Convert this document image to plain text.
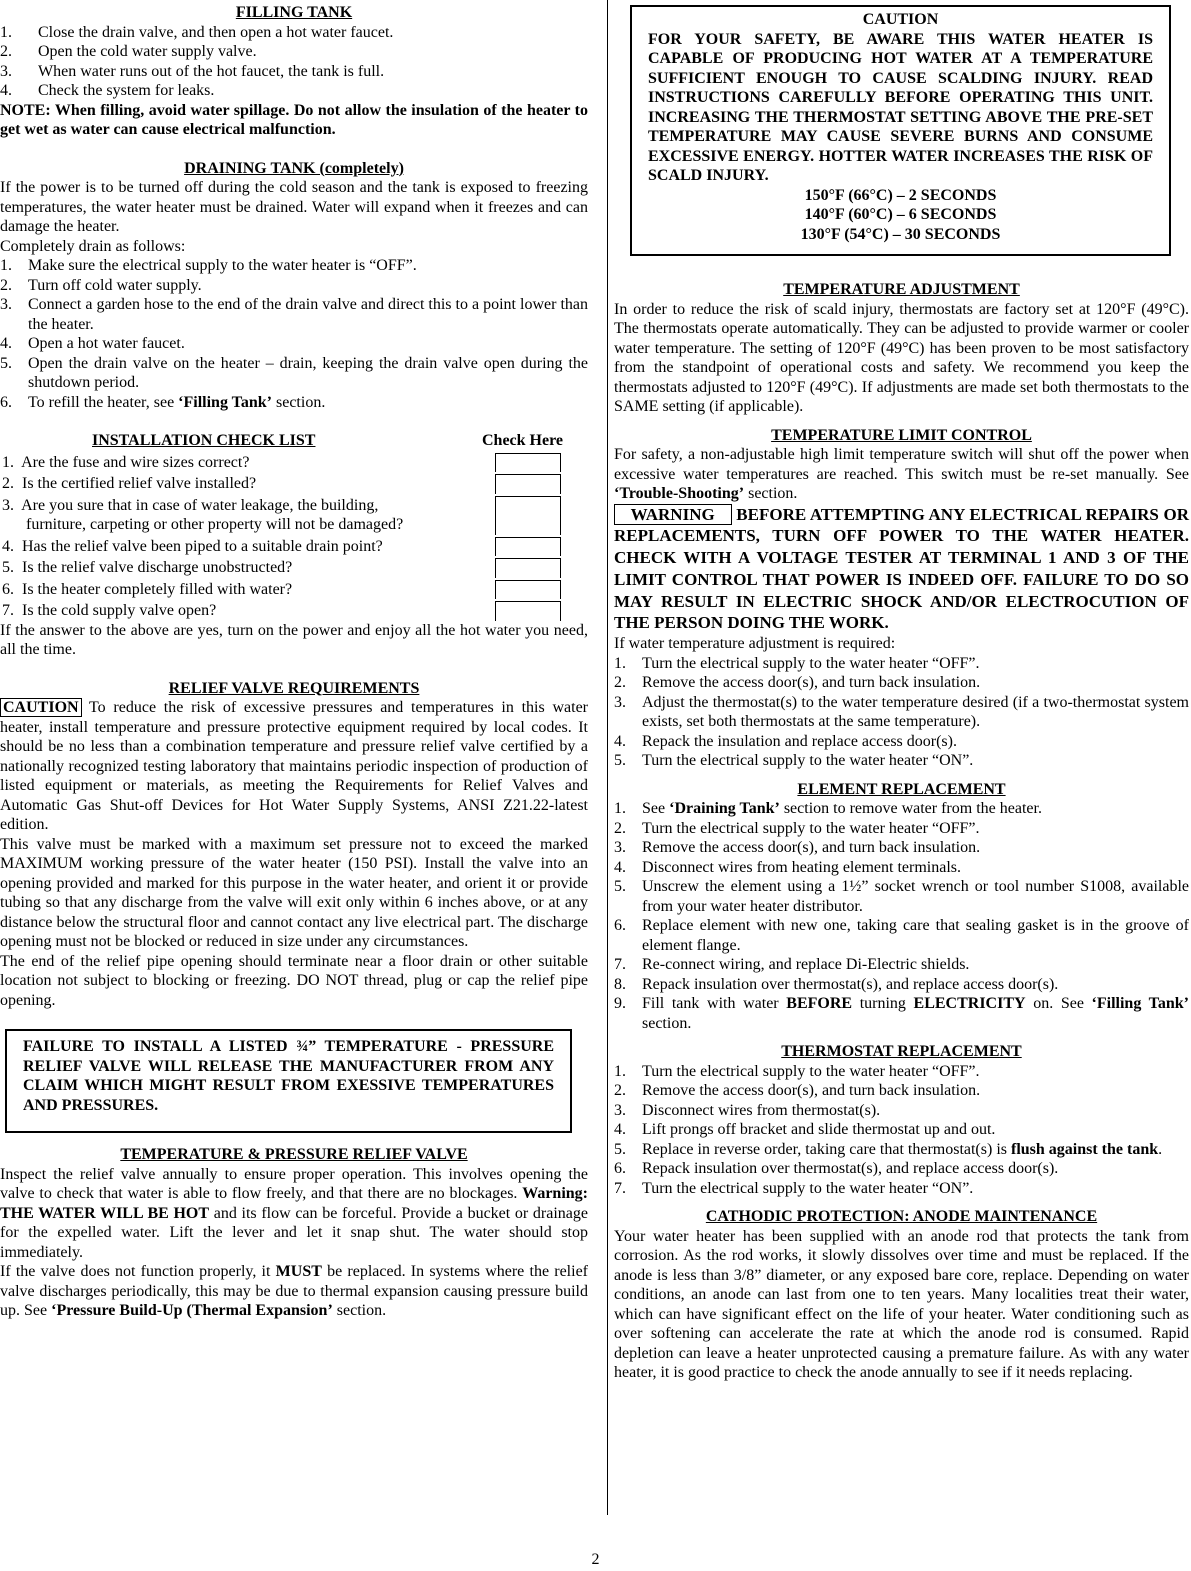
FILLING TANK
1.	Close the drain valve, and then open a hot water faucet.
2.	Open the cold water supply valve.
3.	When water runs out of the hot faucet, the tank is full.
4.	Check the system for leaks.
NOTE: When filling, avoid water spillage. Do not allow the insulation of the heater to get wet as water can cause electrical malfunction.
DRAINING TANK (completely)
If the power is to be turned off during the cold season and the tank is exposed to freezing temperatures, the water heater must be drained. Water will expand when it freezes and can damage the heater.
Completely drain as follows:
1.	Make sure the electrical supply to the water heater is “OFF”.
2.	Turn off cold water supply.
3.	Connect a garden hose to the end of the drain valve and direct this to a point lower than the heater.
4.	Open a hot water faucet.
5.	Open the drain valve on the heater – drain, keeping the drain valve open during the shutdown period.
6.	To refill the heater, see ‘Filling Tank’ section.
INSTALLATION CHECK LIST	Check Here
1.  Are the fuse and wire sizes correct?
2.  Is the certified relief valve installed?
3.  Are you sure that in case of water leakage, the building,
furniture, carpeting or other property will not be damaged?
4.  Has the relief valve been piped to a suitable drain point?
5.  Is the relief valve discharge unobstructed?
6.  Is the heater completely filled with water?
7.  Is the cold supply valve open?
If the answer to the above are yes, turn on the power and enjoy all the hot water you need, all the time.
RELIEF VALVE REQUIREMENTS
CAUTION To reduce the risk of excessive pressures and temperatures in this water heater, install temperature and pressure protective equipment required by local codes. It should be no less than a combination temperature and pressure relief valve certified by a nationally recognized testing laboratory that maintains periodic inspection of production of listed equipment or materials, as meeting the Requirements for Relief Valves and Automatic Gas Shut-off Devices for Hot Water Supply Systems, ANSI Z21.22-latest edition.
This valve must be marked with a maximum set pressure not to exceed the marked MAXIMUM working pressure of the water heater (150 PSI). Install the valve into an opening provided and marked for this purpose in the water heater, and orient it or provide tubing so that any discharge from the valve will exit only within 6 inches above, or at any distance below the structural floor and cannot contact any live electrical part. The discharge opening must not be blocked or reduced in size under any circumstances.
The end of the relief pipe opening should terminate near a floor drain or other suitable location not subject to blocking or freezing. DO NOT thread, plug or cap the relief pipe opening.
FAILURE TO INSTALL A LISTED ¾” TEMPERATURE - PRESSURE RELIEF VALVE WILL RELEASE THE MANUFACTURER FROM ANY CLAIM WHICH MIGHT RESULT FROM EXESSIVE TEMPERATURES AND PRESSURES.
TEMPERATURE & PRESSURE RELIEF VALVE
Inspect the relief valve annually to ensure proper operation. This involves opening the valve to check that water is able to flow freely, and that there are no blockages. Warning: THE WATER WILL BE HOT and its flow can be forceful. Provide a bucket or drainage for the expelled water. Lift the lever and let it snap shut. The water should stop immediately.
If the valve does not function properly, it MUST be replaced. In systems where the relief valve discharges periodically, this may be due to thermal expansion causing pressure build up. See ‘Pressure Build-Up (Thermal Expansion’ section.
CAUTION
FOR YOUR SAFETY, BE AWARE THIS WATER HEATER IS CAPABLE OF PRODUCING HOT WATER AT A TEMPERATURE SUFFICIENT ENOUGH TO CAUSE SCALDING INJURY. READ INSTRUCTIONS CAREFULLY BEFORE OPERATING THIS UNIT. INCREASING THE THERMOSTAT SETTING ABOVE THE PRE-SET TEMPERATURE MAY CAUSE SEVERE BURNS AND CONSUME EXCESSIVE ENERGY. HOTTER WATER INCREASES THE RISK OF SCALD INJURY.
150°F (66°C) – 2 SECONDS
140°F (60°C) – 6 SECONDS
130°F (54°C) – 30 SECONDS
TEMPERATURE ADJUSTMENT
In order to reduce the risk of scald injury, thermostats are factory set at 120°F (49°C). The thermostats operate automatically. They can be adjusted to provide warmer or cooler water temperature. The setting of 120°F (49°C) has been proven to be most satisfactory from the standpoint of operational costs and safety. We recommend you keep the thermostats adjusted to 120°F (49°C). If adjustments are made set both thermostats to the SAME setting (if applicable).
TEMPERATURE LIMIT CONTROL
For safety, a non-adjustable high limit temperature switch will shut off the power when excessive water temperatures are reached. This switch must be re-set manually. See ‘Trouble-Shooting’ section.
WARNING    BEFORE ATTEMPTING ANY ELECTRICAL REPAIRS OR REPLACEMENTS, TURN OFF POWER TO THE WATER HEATER. CHECK WITH A VOLTAGE TESTER AT TERMINAL 1 AND 3 OF THE LIMIT CONTROL THAT POWER IS INDEED OFF. FAILURE TO DO SO MAY RESULT IN ELECTRIC SHOCK AND/OR ELECTROCUTION OF THE PERSON DOING THE WORK.
If water temperature adjustment is required:
1.	Turn the electrical supply to the water heater “OFF”.
2.	Remove the access door(s), and turn back insulation.
3.	Adjust the thermostat(s) to the water temperature desired (if a two-thermostat system exists, set both thermostats at the same temperature).
4.	Repack the insulation and replace access door(s).
5.	Turn the electrical supply to the water heater “ON”.
ELEMENT REPLACEMENT
1.	See ‘Draining Tank’ section to remove water from the heater.
2.	Turn the electrical supply to the water heater “OFF”.
3.	Remove the access door(s), and turn back insulation.
4.	Disconnect wires from heating element terminals.
5.	Unscrew the element using a 1½” socket wrench or tool number S1008, available from your water heater distributor.
6.	Replace element with new one, taking care that sealing gasket is in the groove of element flange.
7.	Re-connect wiring, and replace Di-Electric shields.
8.	Repack insulation over thermostat(s), and replace access door(s).
9.	Fill tank with water BEFORE turning ELECTRICITY on. See ‘Filling Tank’ section.
THERMOSTAT REPLACEMENT
1.	Turn the electrical supply to the water heater “OFF”.
2.	Remove the access door(s), and turn back insulation.
3.	Disconnect wires from thermostat(s).
4.	Lift prongs off bracket and slide thermostat up and out.
5.	Replace in reverse order, taking care that thermostat(s) is flush against the tank.
6.	Repack insulation over thermostat(s), and replace access door(s).
7.	Turn the electrical supply to the water heater “ON”.
CATHODIC PROTECTION: ANODE MAINTENANCE
Your water heater has been supplied with an anode rod that protects the tank from corrosion. As the rod works, it slowly dissolves over time and must be replaced. If the anode is less than 3/8” diameter, or any exposed bare core, replace. Depending on water conditions, an anode can last from one to ten years. Many localities treat their water, which can have significant effect on the life of your heater. Water conditioning such as over softening can accelerate the rate at which the anode rod is consumed. Rapid depletion can leave a heater unprotected causing a premature failure. As with any water heater, it is good practice to check the anode annually to see if it needs replacing.
2
